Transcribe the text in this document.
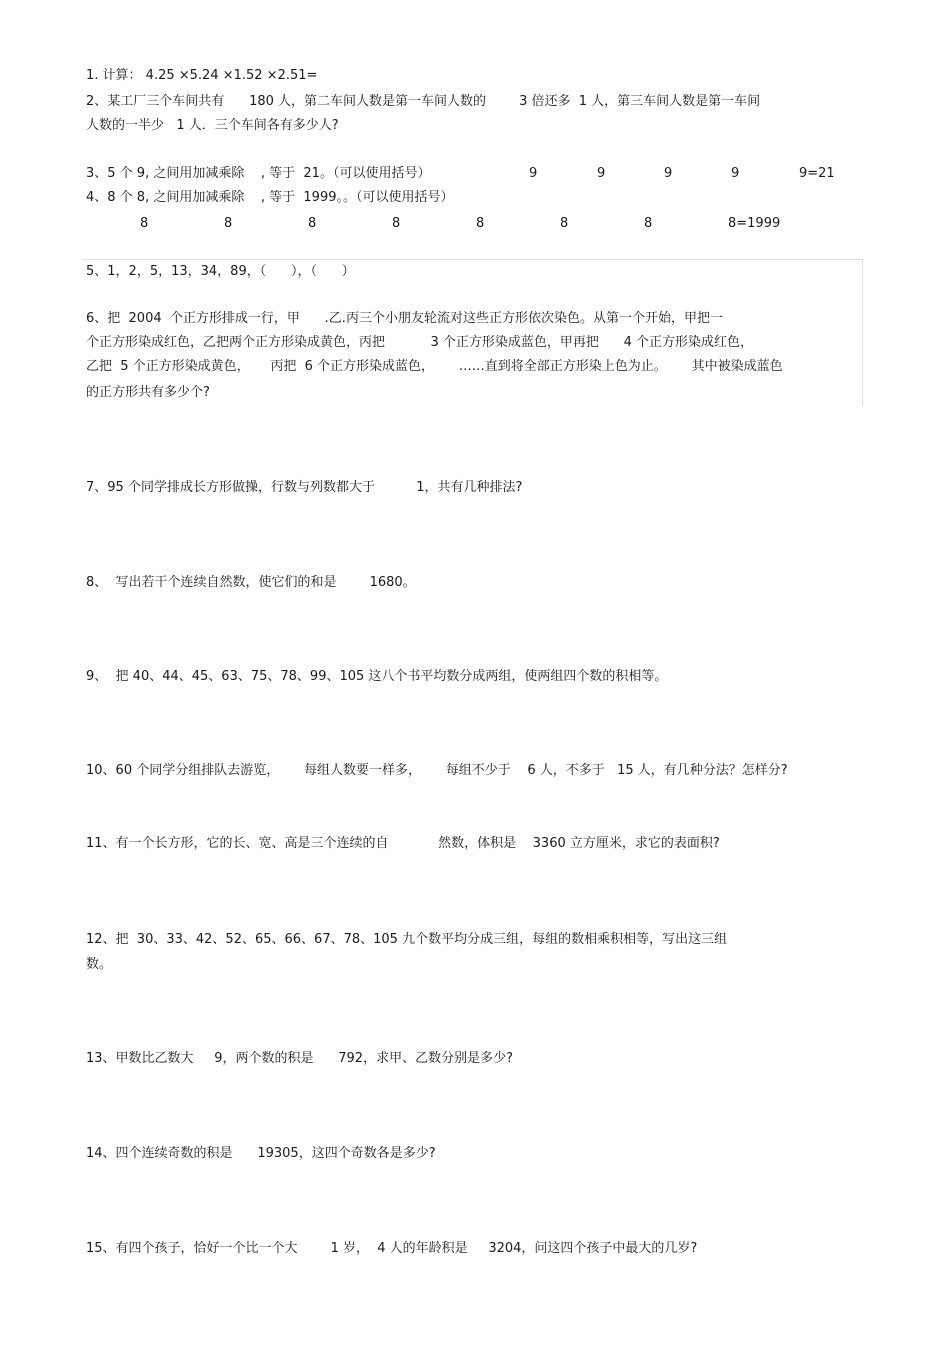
1. 计算： 4.25 ×5.24 ×1.52 ×2.51=
2、某工厂三个车间共有      180 人，第二车间人数是第一车间人数的        3 倍还多  1 人，第三车间人数是第一车间
人数的一半少   1 人．三个车间各有多少人?
3、5 个 9, 之间用加减乘除    , 等于  21。（可以使用括号）	9	9	9	9	9=21
4、8 个 8, 之间用加减乘除    , 等于  1999。。（可以使用括号）
8	8	8	8	8	8	8	8=1999
5、1，2，5，13，34，89，（      ），（      ）
6、把  2004  个正方形排成一行，甲      .乙.丙三个小朋友轮流对这些正方形依次染色。从第一个开始，甲把一
个正方形染成红色，乙把两个正方形染成黄色，丙把           3 个正方形染成蓝色，甲再把      4 个正方形染成红色，
乙把  5 个正方形染成黄色，     丙把  6 个正方形染成蓝色，      ……直到将全部正方形染上色为止。      其中被染成蓝色
的正方形共有多少个?
7、95 个同学排成长方形做操，行数与列数都大于          1，共有几种排法?
8、  写出若干个连续自然数，使它们的和是        1680。
9、  把 40、44、45、63、75、78、99、105 这八个书平均数分成两组，使两组四个数的积相等。
10、60 个同学分组排队去游览，      每组人数要一样多，      每组不少于    6 人，不多于   15 人，有几种分法？怎样分?
11、有一个长方形，它的长、宽、高是三个连续的自            然数，体积是    3360 立方厘米，求它的表面积?
12、把  30、33、42、52、65、66、67、78、105 九个数平均分成三组，每组的数相乘积相等，写出这三组
数。
13、甲数比乙数大     9，两个数的积是      792，求甲、乙数分别是多少?
14、四个连续奇数的积是      19305，这四个奇数各是多少?
15、有四个孩子，恰好一个比一个大        1 岁，  4 人的年龄积是     3204，问这四个孩子中最大的几岁?
